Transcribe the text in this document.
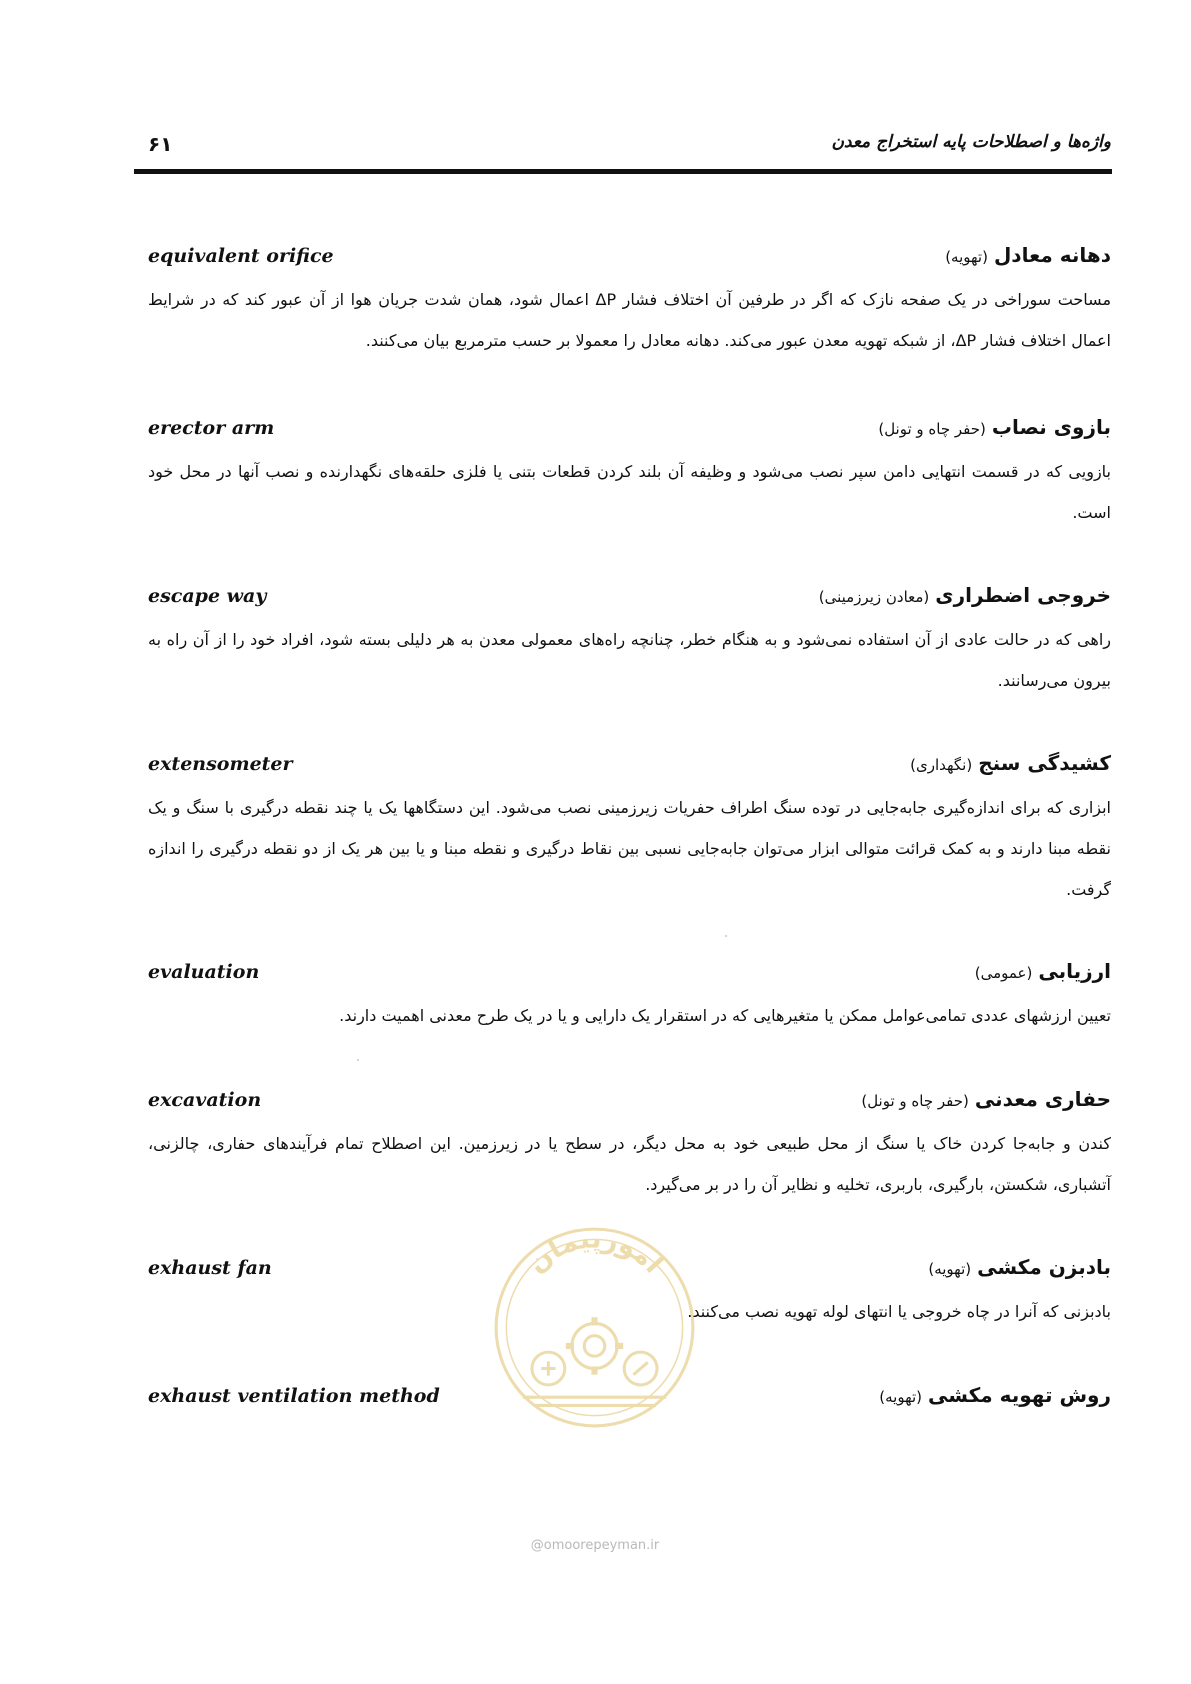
۶۱	واژه‌ها و اصطلاحات پایه استخراج معدن
equivalent orifice	دهانه معادل(تهویه)
مساحت سوراخی در یک صفحه نازک که اگر در طرفین آن اختلاف فشار ΔP اعمال شود، همان شدت جریان هوا از آن عبور کند که در شرایط اعمال اختلاف فشار ΔP، از شبکه تهویه معدن عبور می‌کند. دهانه معادل را معمولا بر حسب مترمربع بیان می‌کنند.
erector arm	بازوی نصاب(حفر چاه و تونل)
بازویی که در قسمت انتهایی دامن سپر نصب می‌شود و وظیفه آن بلند کردن قطعات بتنی یا فلزی حلقه‌های نگهدارنده و نصب آنها در محل خود است.
escape way	خروجی اضطراری(معادن زیرزمینی)
راهی که در حالت عادی از آن استفاده نمی‌شود و به هنگام خطر، چنانچه راه‌های معمولی معدن به هر دلیلی بسته شود، افراد خود را از آن راه به بیرون می‌رسانند.
extensometer	کشیدگی سنج(نگهداری)
ابزاری که برای اندازه‌گیری جابه‌جایی در توده سنگ اطراف حفریات زیرزمینی نصب می‌شود. این دستگاهها یک یا چند نقطه درگیری با سنگ و یک نقطه مبنا دارند و به کمک قرائت متوالی ابزار می‌توان جابه‌جایی نسبی بین نقاط درگیری و نقطه مبنا و یا بین هر یک از دو نقطه درگیری را اندازه گرفت.
evaluation	ارزیابی(عمومی)
تعیین ارزشهای عددی تمامی‌عوامل ممکن یا متغیرهایی که در استقرار یک دارایی و یا در یک طرح معدنی اهمیت دارند.
excavation	حفاری معدنی(حفر چاه و تونل)
کندن و جابه‌جا کردن خاک یا سنگ از محل طبیعی خود به محل دیگر، در سطح یا در زیرزمین. این اصطلاح تمام فرآیندهای حفاری، چالزنی، آتشباری، شکستن، بارگیری، باربری، تخلیه و نظایر آن را در بر می‌گیرد.
exhaust fan	بادبزن مکشی(تهویه)
بادبزنی که آنرا در چاه خروجی یا انتهای لوله تهویه نصب می‌کنند.
exhaust ventilation method	روش تهویه مکشی(تهویه)
امورپیمان
@omoorepeyman.ir
